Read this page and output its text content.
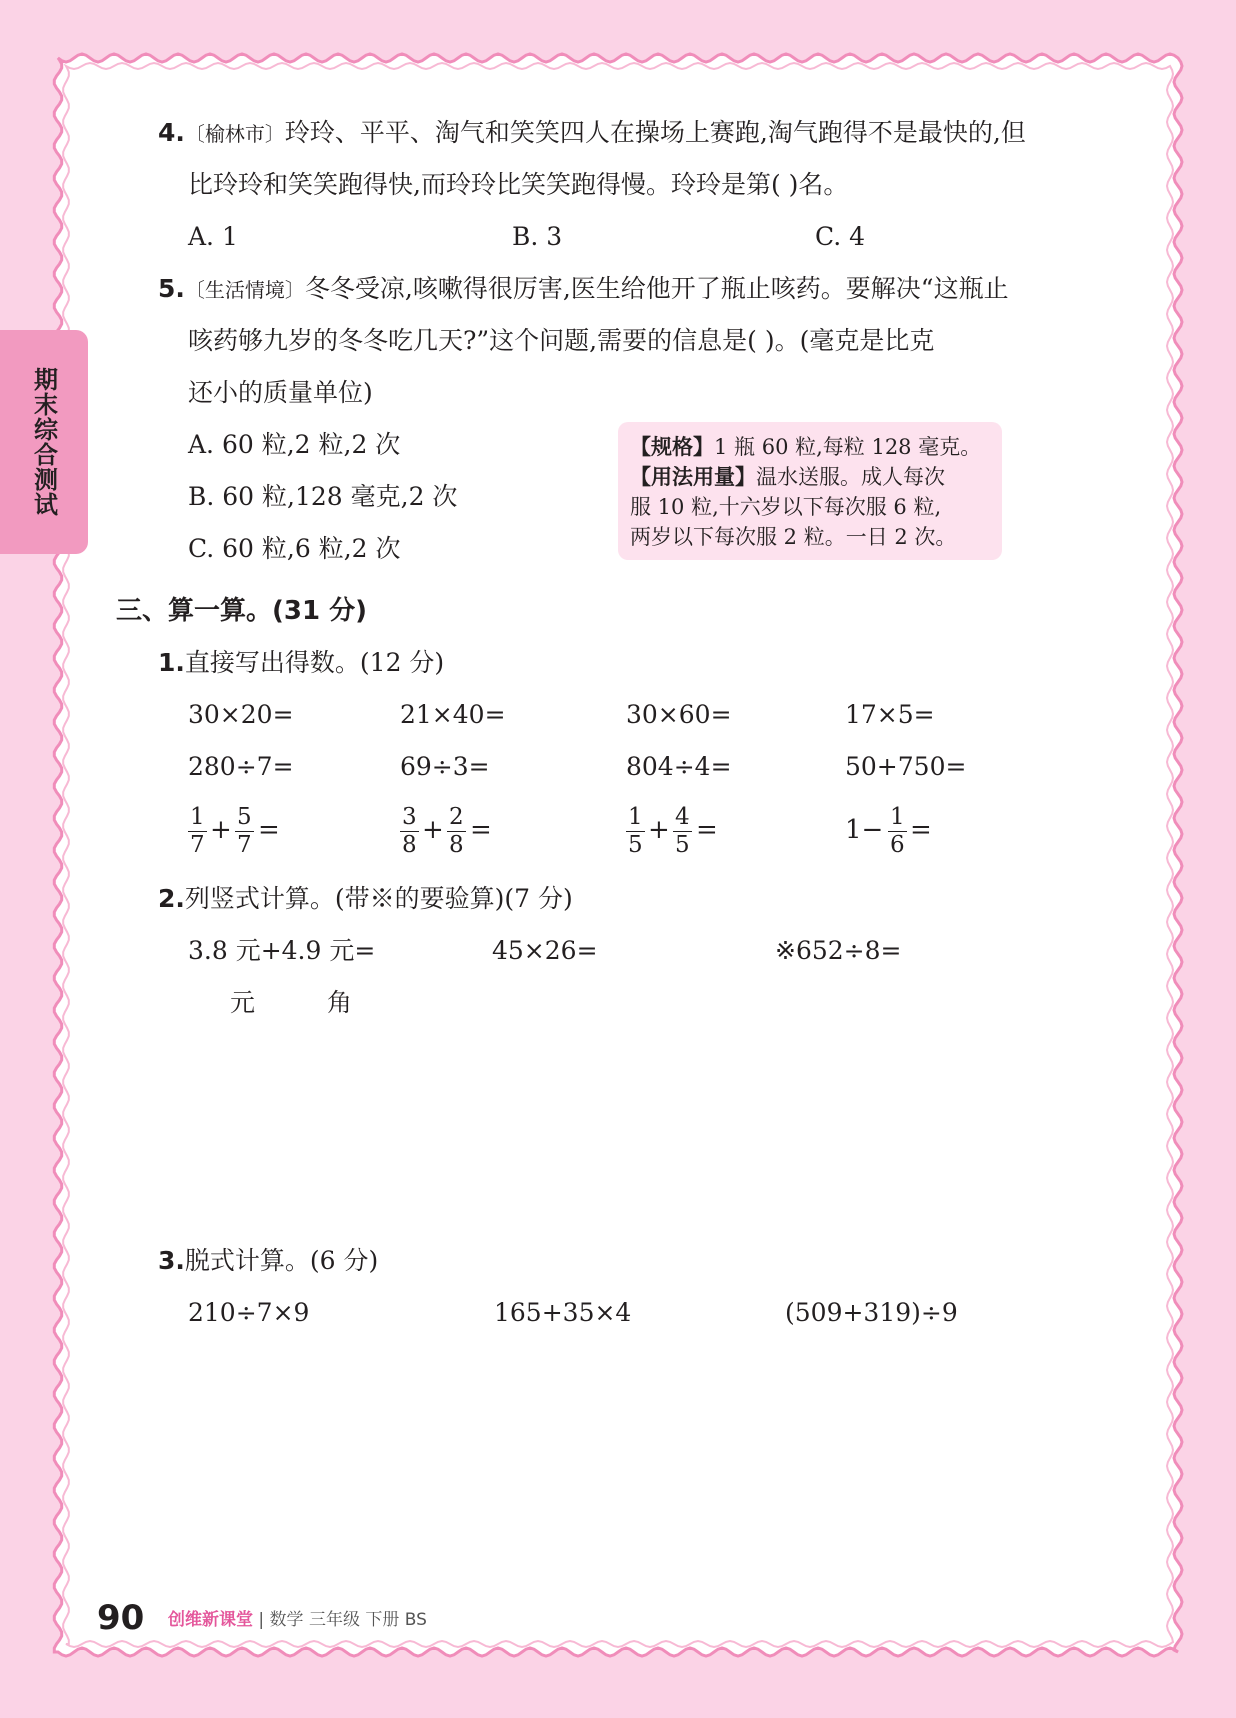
期末综合测试
4.〔榆林市〕玲玲、平平、淘气和笑笑四人在操场上赛跑,淘气跑得不是最快的,但
比玲玲和笑笑跑得快,而玲玲比笑笑跑得慢。玲玲是第( )名。
A. 1	B. 3	C. 4
5.〔生活情境〕冬冬受凉,咳嗽得很厉害,医生给他开了瓶止咳药。要解决“这瓶止
咳药够九岁的冬冬吃几天?”这个问题,需要的信息是( )。(毫克是比克
还小的质量单位)
A. 60 粒,2 粒,2 次
B. 60 粒,128 毫克,2 次
C. 60 粒,6 粒,2 次
【规格】1 瓶 60 粒,每粒 128 毫克。
【用法用量】温水送服。成人每次
服 10 粒,十六岁以下每次服 6 粒,
两岁以下每次服 2 粒。一日 2 次。
三、算一算。(31 分)
1.直接写出得数。(12 分)
30×20=	21×40=	30×60=	17×5=
280÷7=	69÷3=	804÷4=	50+750=
$\frac{1}{7} + \frac{5}{7}$ =	$\frac{3}{8} + \frac{2}{8}$ =	$\frac{1}{5} + \frac{4}{5}$ =	$1- \frac{1}{6}$ =
2.列竖式计算。(带※的要验算)(7 分)
3.8 元+4.9 元=	45×26=	※652÷8=
元	角
3.脱式计算。(6 分)
210÷7×9	165+35×4	(509+319)÷9
90 创维新课堂 | 数学 三年级 下册 BS
